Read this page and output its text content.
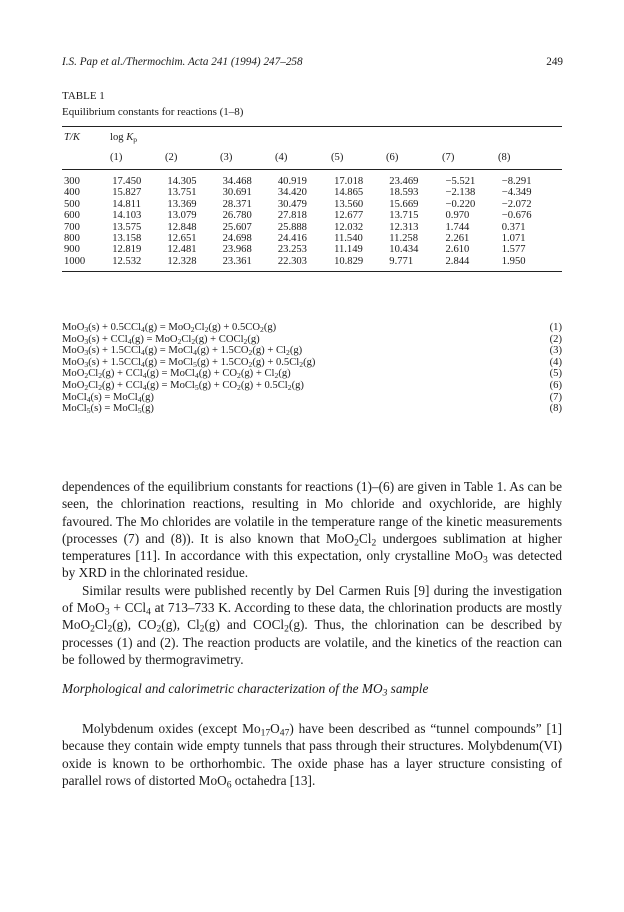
I.S. Pap et al./Thermochim. Acta 241 (1994) 247–258	249
TABLE 1
Equilibrium constants for reactions (1–8)
T/K	$\log K_p$
(1)	(2)	(3)	(4)	(5)	(6)	(7)	(8)
300	17.450	14.305	34.468	40.919	17.018	23.469	−5.521	−8.291
400	15.827	13.751	30.691	34.420	14.865	18.593	−2.138	−4.349
500	14.811	13.369	28.371	30.479	13.560	15.669	−0.220	−2.072
600	14.103	13.079	26.780	27.818	12.677	13.715	0.970	−0.676
700	13.575	12.848	25.607	25.888	12.032	12.313	1.744	0.371
800	13.158	12.651	24.698	24.416	11.540	11.258	2.261	1.071
900	12.819	12.481	23.968	23.253	11.149	10.434	2.610	1.577
1000	12.532	12.328	23.361	22.303	10.829	9.771	2.844	1.950
$MoO_3(s) + 0.5CCl_4(g) = MoO_2Cl_2(g) + 0.5CO_2(g)$	(1)
$MoO_3(s) + CCl_4(g) = MoO_2Cl_2(g)$ + COCl$_2$(g)	(2)
MoO$_3$(s) + 1.5CCl$_4$(g) = MoCl$_4$(g) + $1.5CO_2(g) + Cl_2(g)$	(3)
MoO$_3$(s) + 1.5CCl$_4$(g) = MoCl$_5$(g) + $1.5CO_2(g) + 0.5Cl_2(g)$	(4)
$MoO_2Cl_2(g) + CCl_4(g)$ = MoCl$_4$(g) + $CO_2(g) + Cl_2(g)$	(5)
$MoO_2Cl_2(g) + CCl_4(g)$ = MoCl$_5$(g) + $CO_2(g) + 0.5Cl_2(g)$	(6)
MoCl$_4$(s) = MoCl$_4$(g)	(7)
MoCl$_5$(s) = MoCl$_5$(g)	(8)

dependences of the equilibrium constants for reactions (1)–(6) are given in Table 1. As can be seen, the chlorination reactions, resulting in Mo chloride and oxychloride, are highly favoured. The Mo chlorides are volatile in the temperature range of the kinetic measurements (processes (7) and (8)). It is also known that $MoO_2Cl_2$ undergoes sublimation at higher temperatures [11]. In accordance with this expectation, only crystalline MoO$_3$ was detected by XRD in the chlorinated residue.

Similar results were published recently by Del Carmen Ruis [9] during the investigation of MoO$_3$ + CCl$_4$ at 713–733 K. According to these data, the chlorination products are mostly $MoO_2Cl_2(g)$, $CO_2(g)$, $Cl_2(g)$ and COCl$_2$(g). Thus, the chlorination can be described by processes (1) and (2). The reaction products are volatile, and the kinetics of the reaction can be followed by thermogravimetry.

Morphological and calorimetric characterization of the $MO_3$ sample

Molybdenum oxides (except $Mo_{17}O_{47}$) have been described as “tunnel compounds” [1] because they contain wide empty tunnels that pass through their structures. Molybdenum(VI) oxide is known to be orthorhombic. The oxide phase has a layer structure consisting of parallel rows of distorted MoO$_6$ octahedra [13].
